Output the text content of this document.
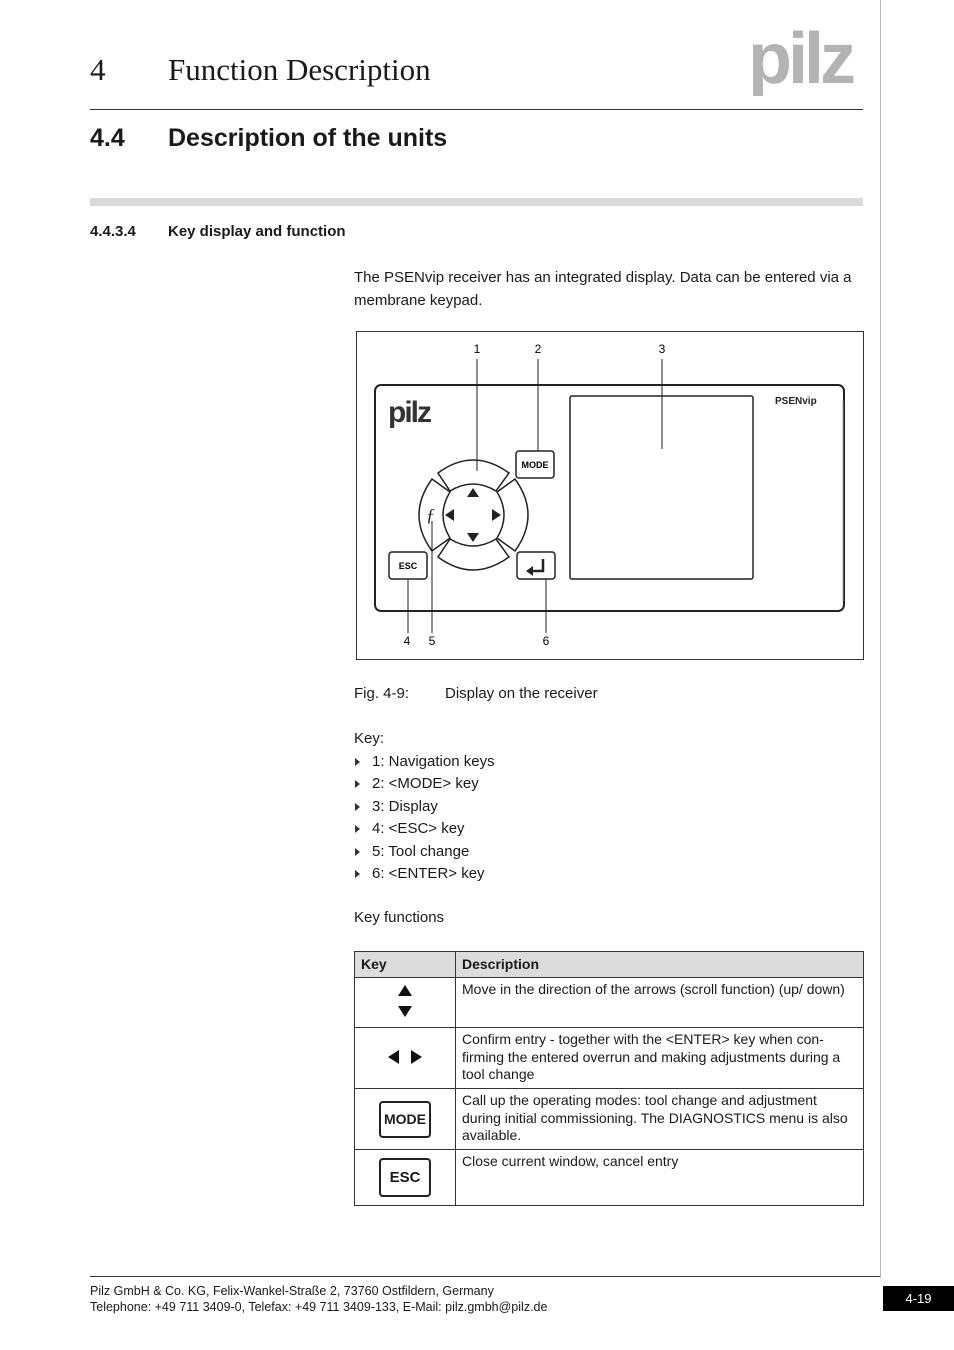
4 Function Description	pilz
4.4 Description of the units
4.4.3.4 Key display and function
The PSENvip receiver has an integrated display. Data can be entered via a membrane keypad.
1	2	3
4 5	6
pilz	PSENvip
ƒ
MODE
ESC
Fig. 4-9: Display on the receiver
Key:
1: Navigation keys
2: <MODE> key
3: Display
4: <ESC> key
5: Tool change
6: <ENTER> key
Key functions
Key	Description
	Move in the direction of the arrows (scroll function) (up/ down)
	Confirm entry - together with the <ENTER> key when con- firming the entered overrun and making adjustments during a tool change
MODE	Call up the operating modes: tool change and adjustment during initial commissioning. The DIAGNOSTICS menu is also available.
ESC	Close current window, cancel entry
Pilz GmbH & Co. KG, Felix-Wankel-Straße 2, 73760 Ostfildern, Germany
Telephone: +49 711 3409-0, Telefax: +49 711 3409-133, E-Mail: pilz.gmbh@pilz.de
4-19
